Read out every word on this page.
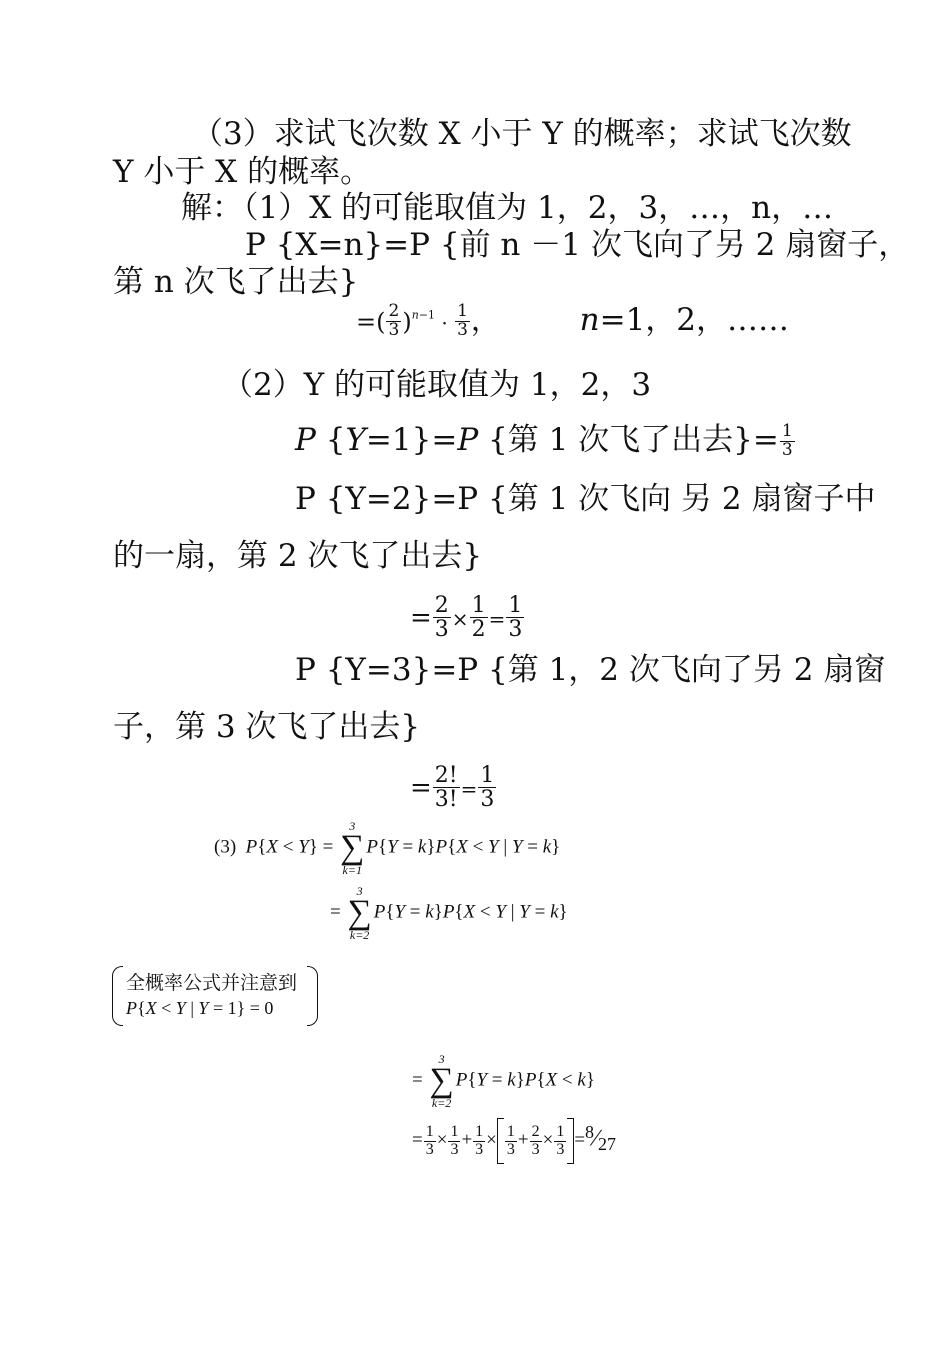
（3）求试飞次数 X 小于 Y 的概率；求试飞次数
Y 小于 X 的概率。
解：（1）X 的可能取值为 1，2，3，…，n，…
P {X=n}=P {前 n －1 次飞向了另 2 扇窗子，
第 n 次飞了出去}
=( $\frac{2}{3} )^{n-1} \cdot \frac{1}{3}$ ，	n=1，2，……
（2）Y 的可能取值为 1，2，3
P {Y=1}=P {第 1 次飞了出去}= $\frac{1}{3}$
P {Y=2}=P {第 1 次飞向 另 2 扇窗子中
的一扇，第 2 次飞了出去}
= $\frac{2}{3} \times \frac{1}{2} = \frac{1}{3}$
P {Y=3}=P {第 1，2 次飞向了另 2 扇窗
子，第 3 次飞了出去}
= $\frac{2!}{3!} = \frac{1}{3}$
(3)  P{X < Y} =
3
∑
k=1
P{Y = k}P{X < Y | Y = k}
=
3
∑
k=2
P{Y = k}P{X < Y | Y = k}
全概率公式并注意到
P{X < Y | Y = 1} = 0
=
3
∑
k=2
P{Y = k}P{X < k}
= $\frac{1}{3} \times \frac{1}{3} + \frac{1}{3} \times \frac{1}{3} + \frac{2}{3} \times \frac{1}{3}$ $=^8∕_{27}$
